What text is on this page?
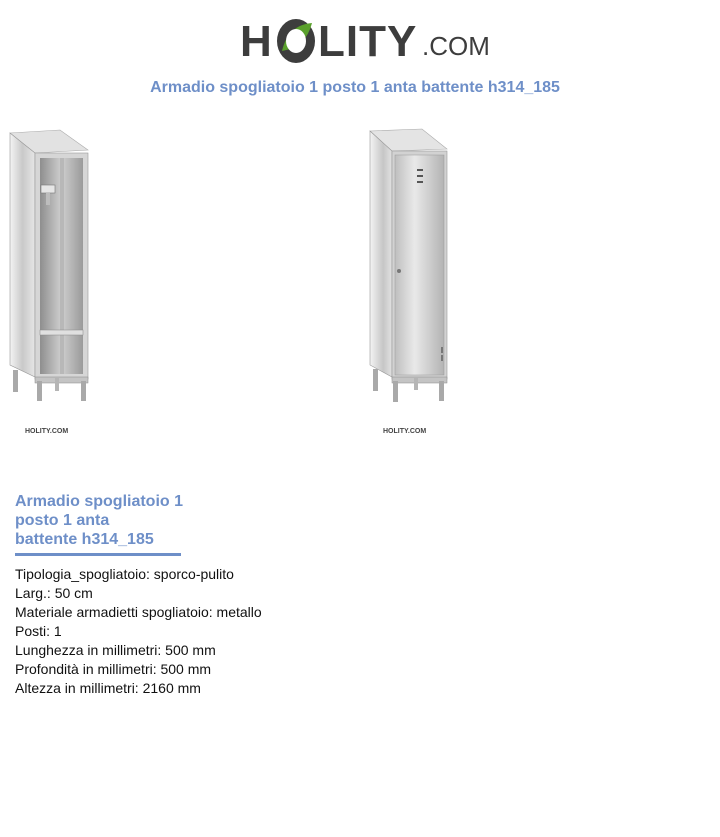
H LITY .COM
Armadio spogliatoio 1 posto 1 anta battente h314_185
HOLITY.COM	HOLITY.COM
Armadio spogliatoio 1
posto 1 anta
battente h314_185
Tipologia_spogliatoio: sporco-pulito
Larg.: 50 cm
Materiale armadietti spogliatoio: metallo
Posti: 1
Lunghezza in millimetri: 500 mm
Profondità in millimetri: 500 mm
Altezza in millimetri: 2160 mm
